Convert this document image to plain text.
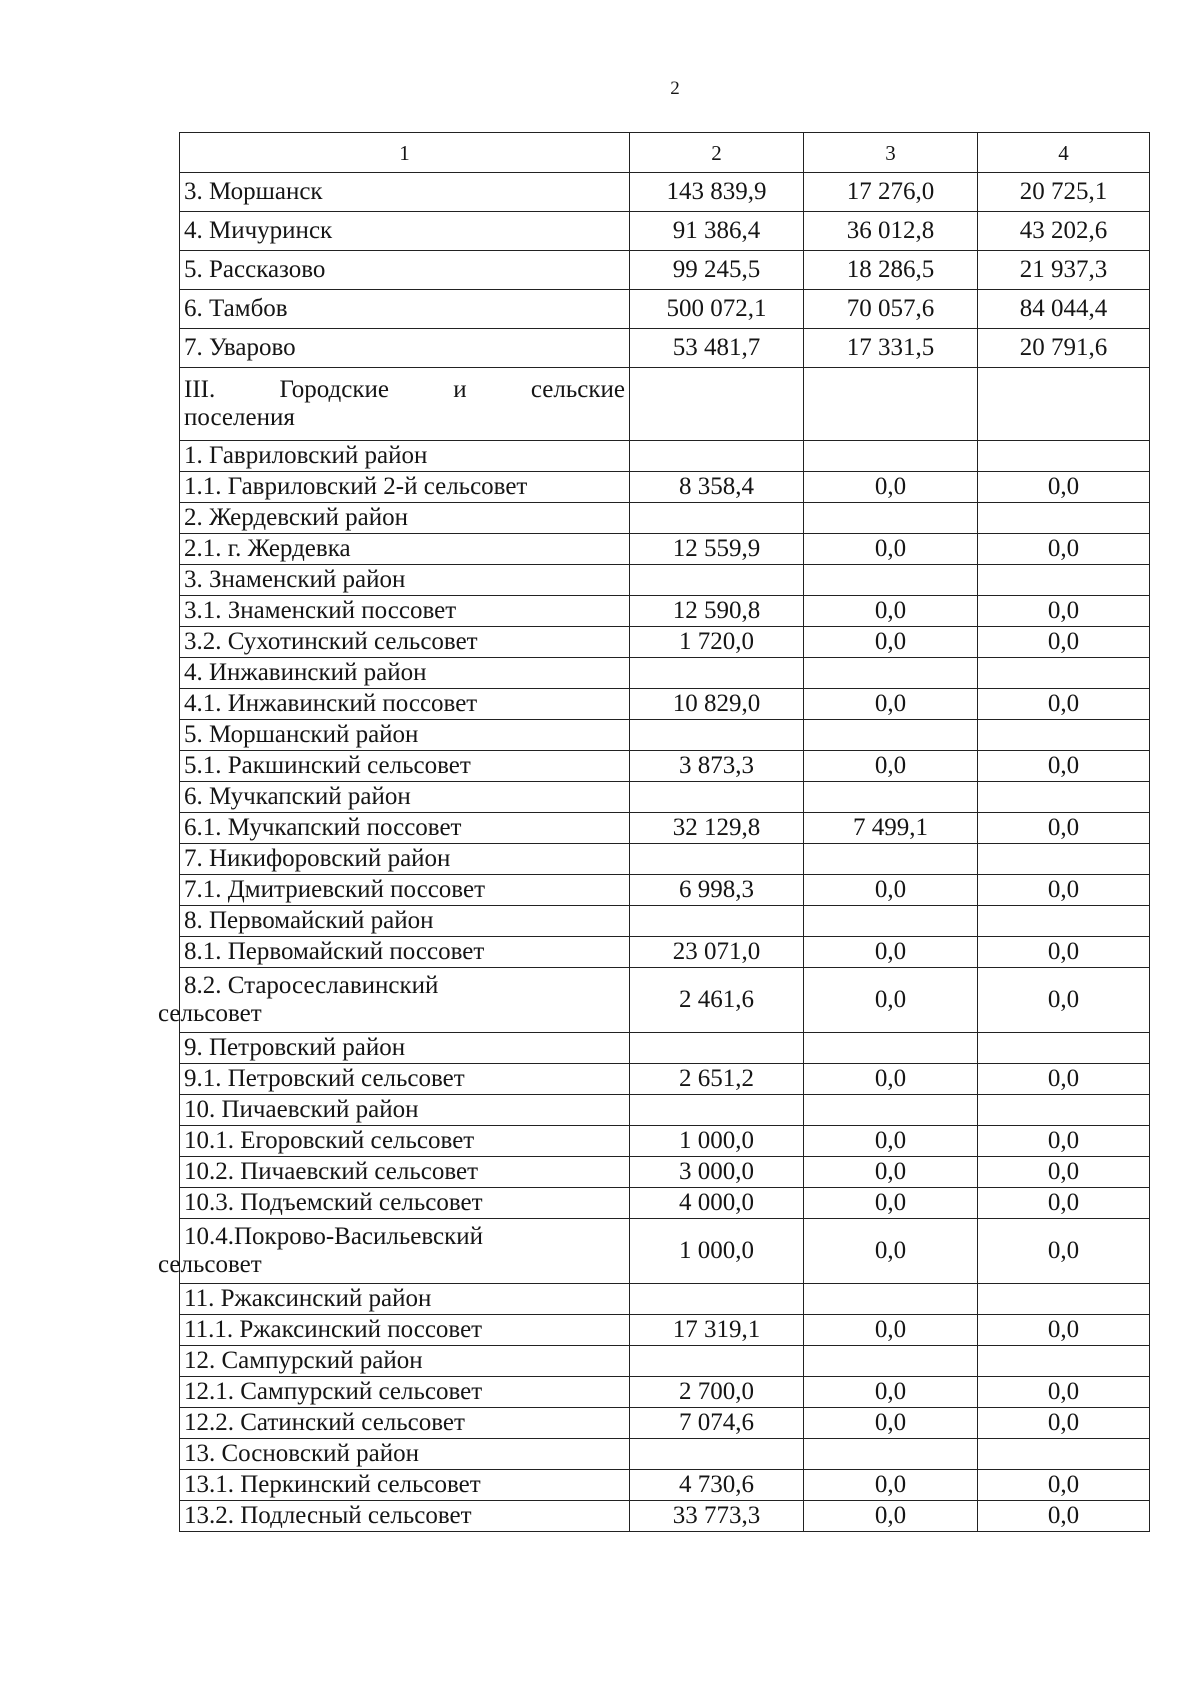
2
1	2	3	4
3. Моршанск	143 839,9	17 276,0	20 725,1
4. Мичуринск	91 386,4	36 012,8	43 202,6
5. Рассказово	99 245,5	18 286,5	21 937,3
6. Тамбов	500 072,1	70 057,6	84 044,4
7. Уварово	53 481,7	17 331,5	20 791,6

III. Городские и сельские
поселения			

1. Гавриловский район			
1.1. Гавриловский 2-й сельсовет	8 358,4	0,0	0,0
2. Жердевский район			
2.1. г. Жердевка	12 559,9	0,0	0,0
3. Знаменский район			
3.1. Знаменский поссовет	12 590,8	0,0	0,0
3.2. Сухотинский сельсовет	1 720,0	0,0	0,0
4. Инжавинский район			
4.1. Инжавинский поссовет	10 829,0	0,0	0,0
5. Моршанский район			
5.1. Ракшинский сельсовет	3 873,3	0,0	0,0
6. Мучкапский район			
6.1. Мучкапский поссовет	32 129,8	7 499,1	0,0
7. Никифоровский район			
7.1. Дмитриевский поссовет	6 998,3	0,0	0,0
8. Первомайский район			
8.1. Первомайский поссовет	23 071,0	0,0	0,0

8.2. Старосеславинский
сельсовет	2 461,6	0,0	0,0
9. Петровский район			
9.1. Петровский сельсовет	2 651,2	0,0	0,0
10. Пичаевский район			
10.1. Егоровский сельсовет	1 000,0	0,0	0,0
10.2. Пичаевский сельсовет	3 000,0	0,0	0,0
10.3. Подъемский сельсовет	4 000,0	0,0	0,0

10.4.Покрово-Васильевский
сельсовет	1 000,0	0,0	0,0
11. Ржаксинский район			
11.1. Ржаксинский поссовет	17 319,1	0,0	0,0
12. Сампурский район			
12.1. Сампурский сельсовет	2 700,0	0,0	0,0
12.2. Сатинский сельсовет	7 074,6	0,0	0,0
13. Сосновский район			
13.1. Перкинский сельсовет	4 730,6	0,0	0,0
13.2. Подлесный сельсовет	33 773,3	0,0	0,0
